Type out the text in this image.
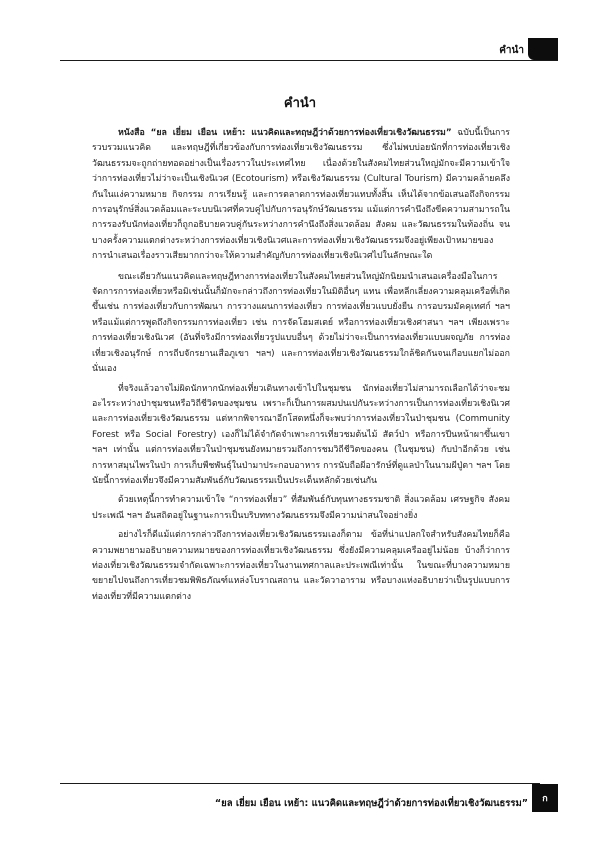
คำนำ
คำนำ

หนังสือ “ยล เยี่ยม เยือน เหย้า: แนวคิดและทฤษฎีว่าด้วยการท่องเที่ยวเชิงวัฒนธรรม” ฉบับนี้เป็นการรวบรวมแนวคิด และทฤษฎีที่เกี่ยวข้องกับการท่องเที่ยวเชิงวัฒนธรรม ซึ่งไม่พบบ่อยนักที่การท่องเที่ยวเชิงวัฒนธรรมจะถูกถ่ายทอดอย่างเป็นเรื่องราวในประเทศไทย เนื่องด้วยในสังคมไทยส่วนใหญ่มักจะมีความเข้าใจว่าการท่องเที่ยวไม่ว่าจะเป็นเชิงนิเวศ (Ecotourism) หรือเชิงวัฒนธรรม (Cultural Tourism) มีความคล้ายคลึงกันในแง่ความหมาย กิจกรรม การเรียนรู้ และการตลาดการท่องเที่ยวแทบทั้งสิ้น เห็นได้จากข้อเสนอถึงกิจกรรมการอนุรักษ์สิ่งแวดล้อมและระบบนิเวศที่ควบคู่ไปกับการอนุรักษ์วัฒนธรรม แม้แต่การคำนึงถึงขีดความสามารถในการรองรับนักท่องเที่ยวก็ถูกอธิบายควบคู่กันระหว่างการคำนึงถึงสิ่งแวดล้อม สังคม และวัฒนธรรมในท้องถิ่น จนบางครั้งความแตกต่างระหว่างการท่องเที่ยวเชิงนิเวศและการท่องเที่ยวเชิงวัฒนธรรมจึงอยู่เพียงเป้าหมายของการนำเสนอเรื่องราวเสียมากกว่าจะให้ความสำคัญกับการท่องเที่ยวเชิงนิเวศไปในลักษณะใด

ขณะเดียวกันแนวคิดและทฤษฎีทางการท่องเที่ยวในสังคมไทยส่วนใหญ่มักนิยมนำเสนอเครื่องมือในการจัดการการท่องเที่ยวหรือมิเช่นนั้นก็มักจะกล่าวถึงการท่องเที่ยวในมิติอื่นๆ แทน เพื่อหลีกเลี่ยงความคลุมเครือที่เกิดขึ้นเช่น การท่องเที่ยวกับการพัฒนา การวางแผนการท่องเที่ยว การท่องเที่ยวแบบยั่งยืน การอบรมมัคคุเทศก์ ฯลฯ หรือแม้แต่การพูดถึงกิจกรรมการท่องเที่ยว เช่น การจัดโฮมสเตย์ หรือการท่องเที่ยวเชิงศาสนา ฯลฯ เพียงเพราะการท่องเที่ยวเชิงนิเวศ (อันที่จริงมีการท่องเที่ยวรูปแบบอื่นๆ ด้วยไม่ว่าจะเป็นการท่องเที่ยวแบบผจญภัย การท่องเที่ยวเชิงอนุรักษ์ การถีบจักรยานเสือภูเขา ฯลฯ) และการท่องเที่ยวเชิงวัฒนธรรมใกล้ชิดกันจนเกือบแยกไม่ออกนั่นเอง

ที่จริงแล้วอาจไม่ผิดนักหากนักท่องเที่ยวเดินทางเข้าไปในชุมชน นักท่องเที่ยวไม่สามารถเลือกได้ว่าจะชมอะไรระหว่างป่าชุมชนหรือวิถีชีวิตของชุมชน เพราะก็เป็นการผสมปนเปกันระหว่างการเป็นการท่องเที่ยวเชิงนิเวศและการท่องเที่ยวเชิงวัฒนธรรม แต่หากพิจารณาอีกโสตหนึ่งก็จะพบว่าการท่องเที่ยวในป่าชุมชน (Community Forest หรือ Social Forestry) เองก็ไม่ได้จำกัดจำเพาะการเที่ยวชมต้นไม้ สัตว์ป่า หรือการปีนหน้าผาขึ้นเขา ฯลฯ เท่านั้น แต่การท่องเที่ยวในป่าชุมชนยังหมายรวมถึงการชมวิถีชีวิตของคน (ในชุมชน) กับป่าอีกด้วย เช่น การหาสมุนไพรในป่า การเก็บพืชพันธุ์ในป่ามาประกอบอาหาร การนับถือผีอารักษ์ที่ดูแลป่าในนามผีปู่ตา ฯลฯ โดยนัยนี้การท่องเที่ยวจึงมีความสัมพันธ์กับวัฒนธรรมเป็นประเด็นหลักด้วยเช่นกัน

ด้วยเหตุนี้การทำความเข้าใจ “การท่องเที่ยว” ที่สัมพันธ์กับทุนทางธรรมชาติ สิ่งแวดล้อม เศรษฐกิจ สังคม ประเพณี ฯลฯ อันสถิตอยู่ในฐานะการเป็นบริบททางวัฒนธรรมจึงมีความน่าสนใจอย่างยิ่ง

อย่างไรก็ดีแม้แต่การกล่าวถึงการท่องเที่ยวเชิงวัฒนธรรมเองก็ตาม ข้อที่น่าแปลกใจสำหรับสังคมไทยก็คือความพยายามอธิบายความหมายของการท่องเที่ยวเชิงวัฒนธรรม ซึ่งยังมีความคลุมเครืออยู่ไม่น้อย บ้างก็ว่าการท่องเที่ยวเชิงวัฒนธรรมจำกัดเฉพาะการท่องเที่ยวในงานเทศกาลและประเพณีเท่านั้น ในขณะที่บางความหมายขยายไปจนถึงการเที่ยวชมพิพิธภัณฑ์แหล่งโบราณสถาน และวัดวาอาราม หรือบางแห่งอธิบายว่าเป็นรูปแบบการท่องเที่ยวที่มีความแตกต่าง

“ยล เยี่ยม เยือน เหย้า: แนวคิดและทฤษฎีว่าด้วยการท่องเที่ยวเชิงวัฒนธรรม”	ก
